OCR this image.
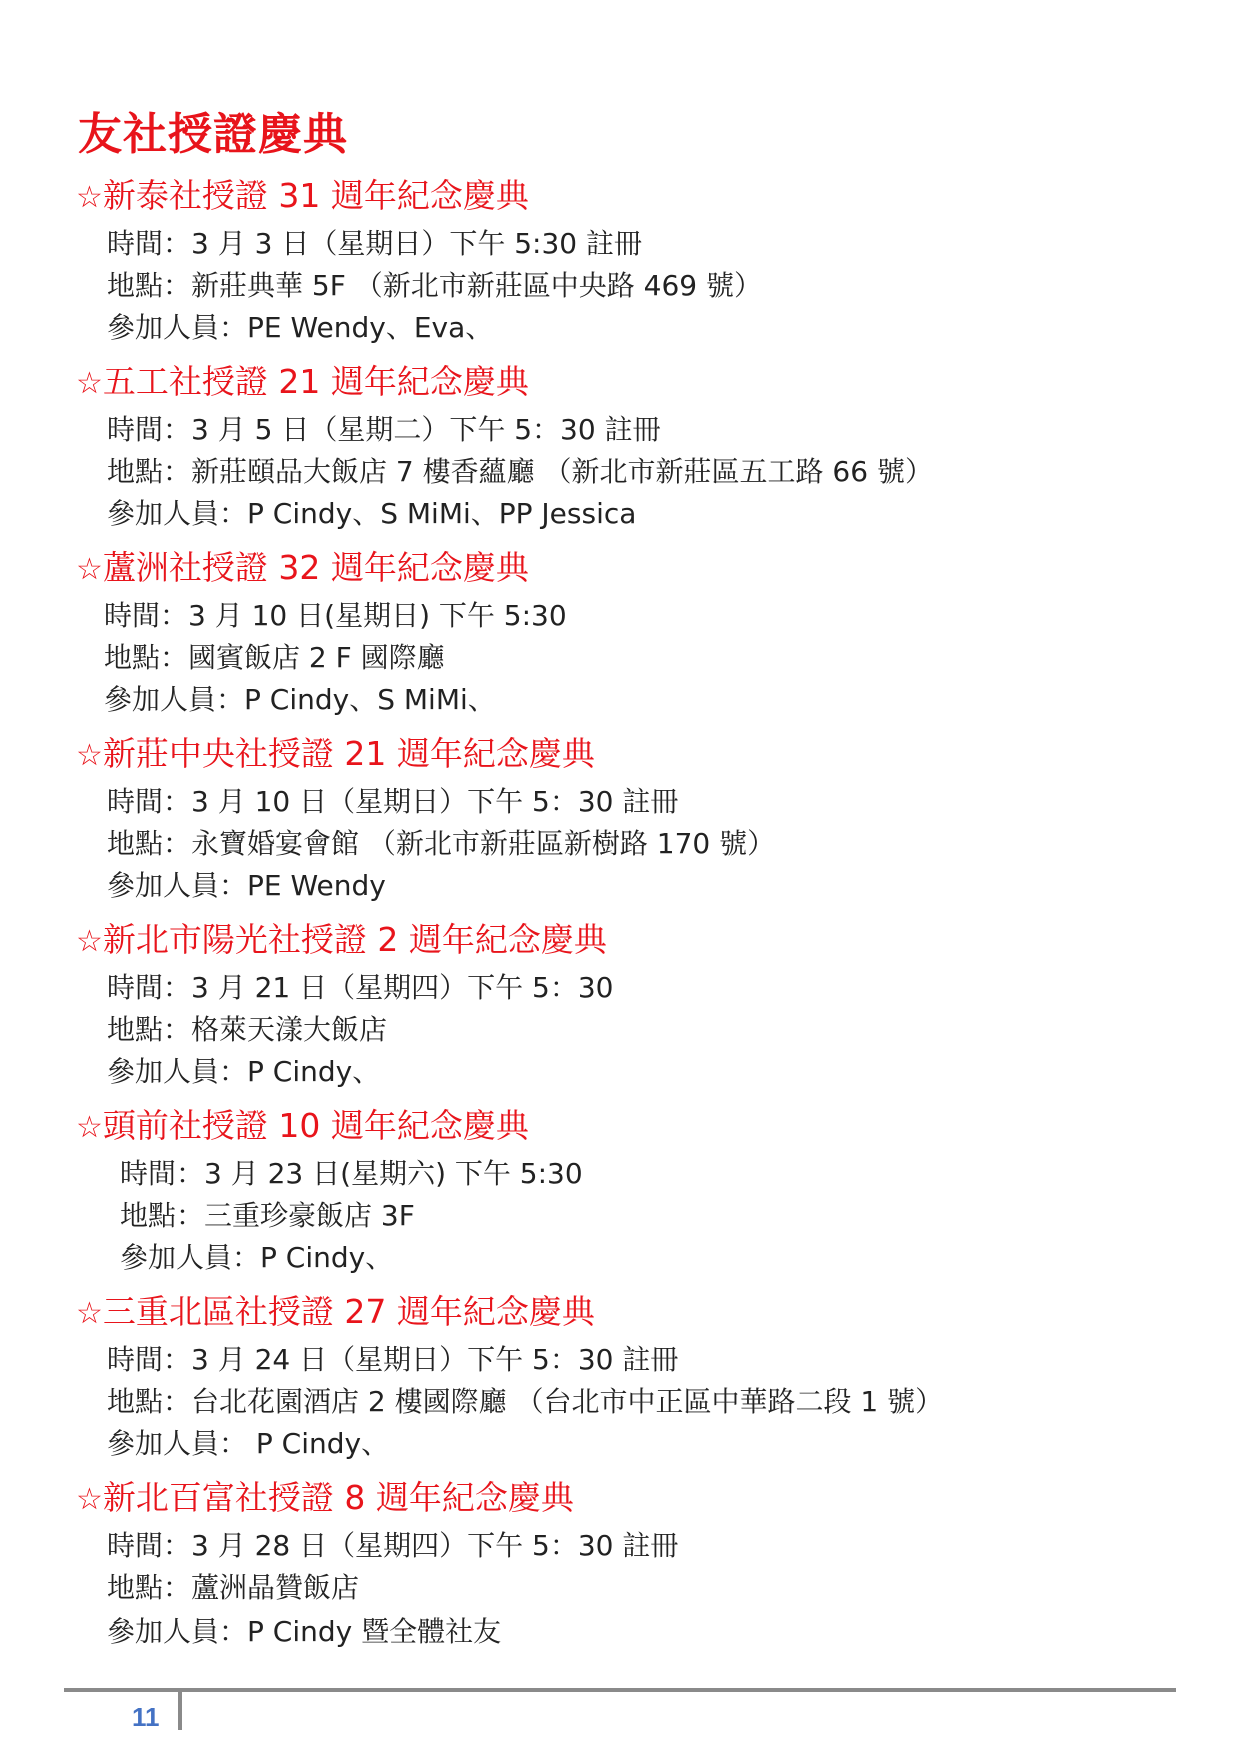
友社授證慶典
☆新泰社授證 31 週年紀念慶典
時間：3 月 3 日（星期日）下午 5:30 註冊
地點：新莊典華 5F （新北市新莊區中央路 469 號）
參加人員：PE Wendy、Eva、
☆五工社授證 21 週年紀念慶典
時間：3 月 5 日（星期二）下午 5：30 註冊
地點：新莊頤品大飯店 7 樓香蘊廳 （新北市新莊區五工路 66 號）
參加人員：P Cindy、S MiMi、PP Jessica
☆蘆洲社授證 32 週年紀念慶典
時間：3 月 10 日(星期日) 下午 5:30
地點：國賓飯店 2 F 國際廳
參加人員：P Cindy、S MiMi、
☆新莊中央社授證 21 週年紀念慶典
時間：3 月 10 日（星期日）下午 5：30 註冊
地點：永寶婚宴會館 （新北市新莊區新樹路 170 號）
參加人員：PE Wendy
☆新北市陽光社授證 2 週年紀念慶典
時間：3 月 21 日（星期四）下午 5：30
地點：格萊天漾大飯店
參加人員：P Cindy、
☆頭前社授證 10 週年紀念慶典
時間：3 月 23 日(星期六) 下午 5:30
地點：三重珍豪飯店 3F
參加人員：P Cindy、
☆三重北區社授證 27 週年紀念慶典
時間：3 月 24 日（星期日）下午 5：30 註冊
地點：台北花園酒店 2 樓國際廳 （台北市中正區中華路二段 1 號）
參加人員： P Cindy、
☆新北百富社授證 8 週年紀念慶典
時間：3 月 28 日（星期四）下午 5：30 註冊
地點：蘆洲晶贊飯店
參加人員：P Cindy 暨全體社友
11
